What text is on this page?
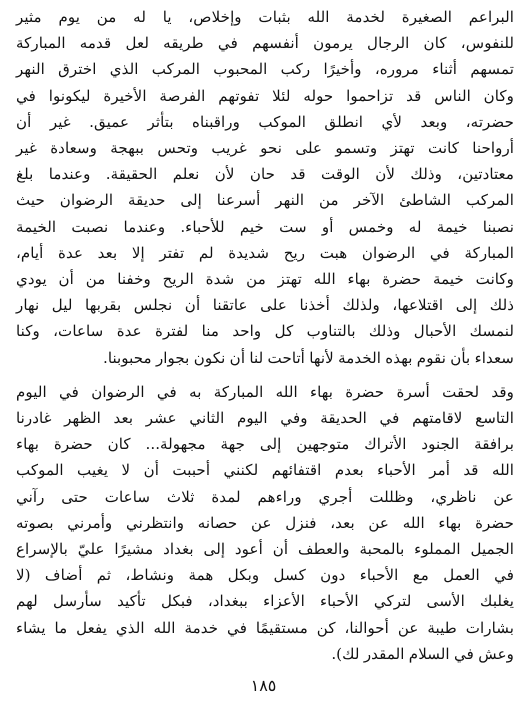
البراعم الصغيرة لخدمة الله بثبات وإخلاص، يا له من يوم مثير
للنفوس، كان الرجال يرمون أنفسهم في طريقه لعل قدمه المباركة
تمسهم أثناء مروره، وأخيرًا ركب المحبوب المركب الذي اخترق النهر
وكان الناس قد تزاحموا حوله لئلا تفوتهم الفرصة الأخيرة ليكونوا في
حضرته، وبعد لأي انطلق الموكب وراقبناه بتأثر عميق. غير أن
أرواحنا كانت تهتز وتسمو على نحو غريب وتحس ببهجة وسعادة غير
معتادتين، وذلك لأن الوقت قد حان لأن نعلم الحقيقة. وعندما بلغ
المركب الشاطئ الآخر من النهر أسرعنا إلى حديقة الرضوان حيث
نصبنا خيمة له وخمس أو ست خيم للأحباء. وعندما نصبت الخيمة
المباركة في الرضوان هبت ريح شديدة لم تفتر إلا بعد عدة أيام،
وكانت خيمة حضرة بهاء الله تهتز من شدة الريح وخفنا من أن يودي
ذلك إلى اقتلاعها، ولذلك أخذنا على عاتقنا أن نجلس بقربها ليل نهار
لنمسك الأحبال وذلك بالتناوب كل واحد منا لفترة عدة ساعات، وكنا
سعداء بأن نقوم بهذه الخدمة لأنها أتاحت لنا أن نكون بجوار محبوبنا.

وقد لحقت أسرة حضرة بهاء الله المباركة به في الرضوان في اليوم
التاسع لاقامتهم في الحديقة وفي اليوم الثاني عشر بعد الظهر غادرنا
برافقة الجنود الأتراك متوجهين إلى جهة مجهولة... كان حضرة بهاء
الله قد أمر الأحباء بعدم اقتفائهم لكنني أحببت أن لا يغيب الموكب
عن ناظري، وظللت أجري وراءهم لمدة ثلاث ساعات حتى رآني
حضرة بهاء الله عن بعد، فنزل عن حصانه وانتظرني وأمرني بصوته
الجميل المملوء بالمحبة والعطف أن أعود إلى بغداد مشيرًا عليّ بالإسراع
في العمل مع الأحباء دون كسل وبكل همة ونشاط، ثم أضاف (لا
يغلبك الأسى لتركي الأحباء الأعزاء ببغداد، فبكل تأكيد سأرسل لهم
بشارات طيبة عن أحوالنا، كن مستقيمًا في خدمة الله الذي يفعل ما يشاء
وعش في السلام المقدر لك).

١٨٥
